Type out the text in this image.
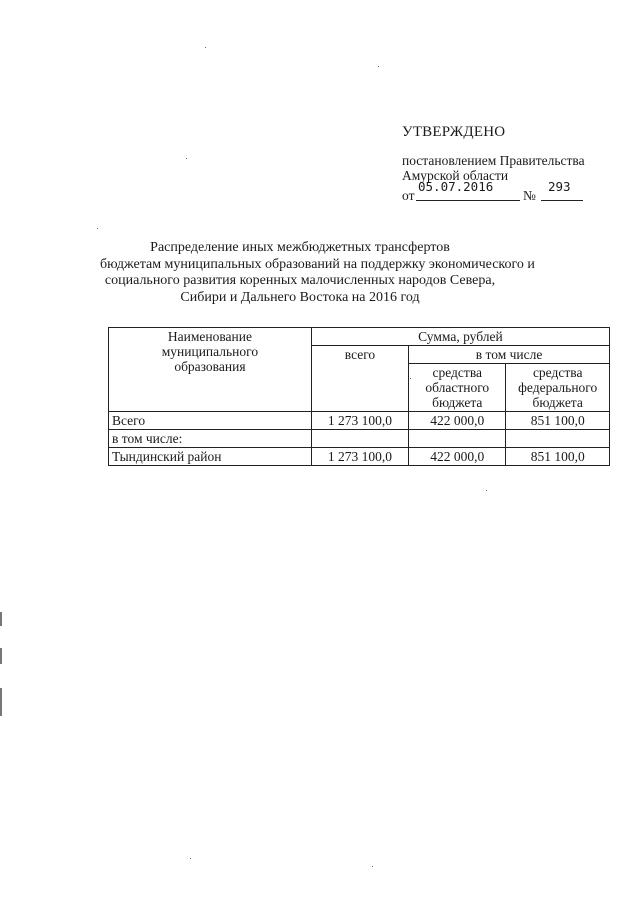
УТВЕРЖДЕНО

постановлением Правительства

Амурской области

от
05.07.2016
№
293
Распределение иных межбюджетных трансфертов
бюджетам муниципальных образований на поддержку экономического и
социального развития коренных малочисленных народов Севера,
Сибири и Дальнего Востока на 2016 год
Наименование муниципального образования	Сумма, рублей		
	всего	в том числе	
		средства областного бюджета	средства федерального бюджета
Всего	1 273 100,0	422 000,0	851 100,0
в том числе:			
Тындинский район	1 273 100,0	422 000,0	851 100,0
